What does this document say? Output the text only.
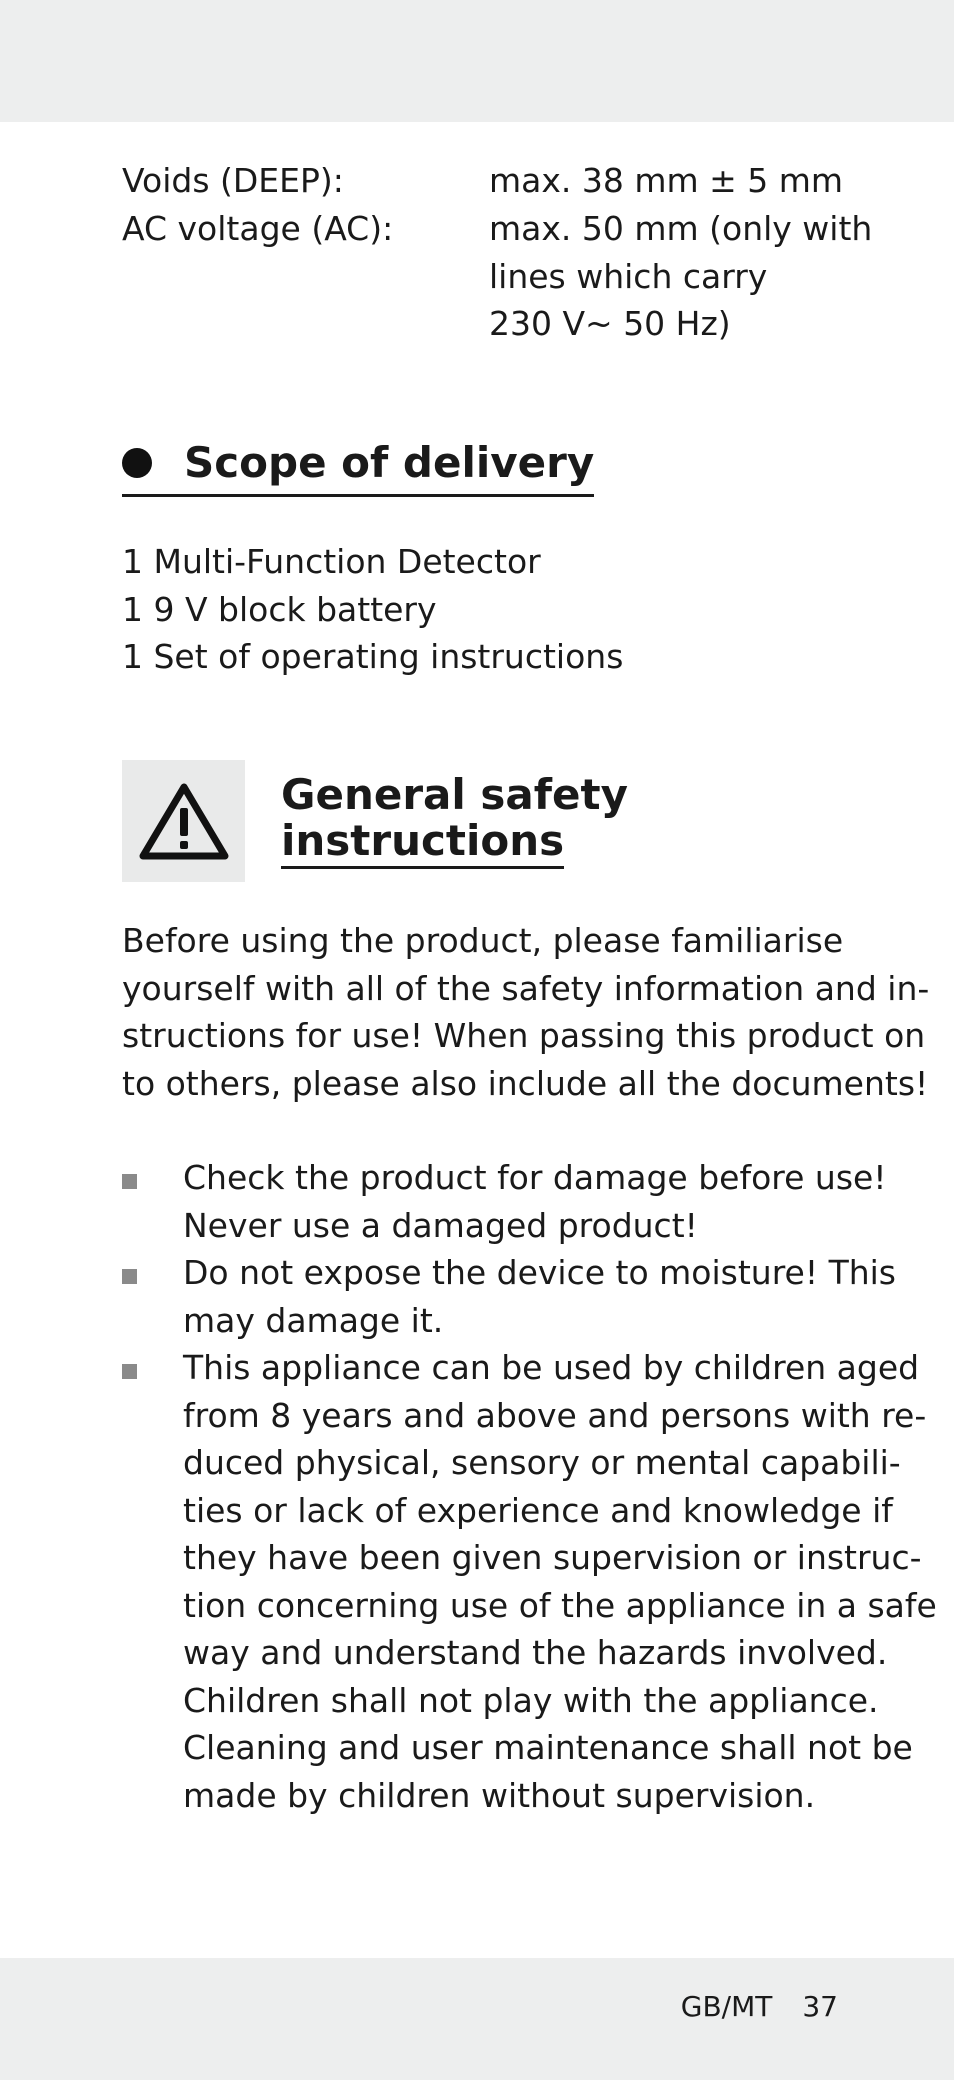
Voids (DEEP):	max. 38 mm ± 5 mm
AC voltage (AC):	max. 50 mm (only with
lines which carry
230 V~ 50 Hz)
Scope of delivery
1 Multi-Function Detector
1 9 V block battery
1 Set of operating instructions
General safety
instructions
Before using the product, please familiarise
yourself with all of the safety information and in-
structions for use! When passing this product on
to others, please also include all the documents!
Check the product for damage before use!
Never use a damaged product!
Do not expose the device to moisture! This
may damage it.
This appliance can be used by children aged
from 8 years and above and persons with re-
duced physical, sensory or mental capabili-
ties or lack of experience and knowledge if
they have been given supervision or instruc-
tion concerning use of the appliance in a safe
way and understand the hazards involved.
Children shall not play with the appliance.
Cleaning and user maintenance shall not be
made by children without supervision.
GB/MT 37
